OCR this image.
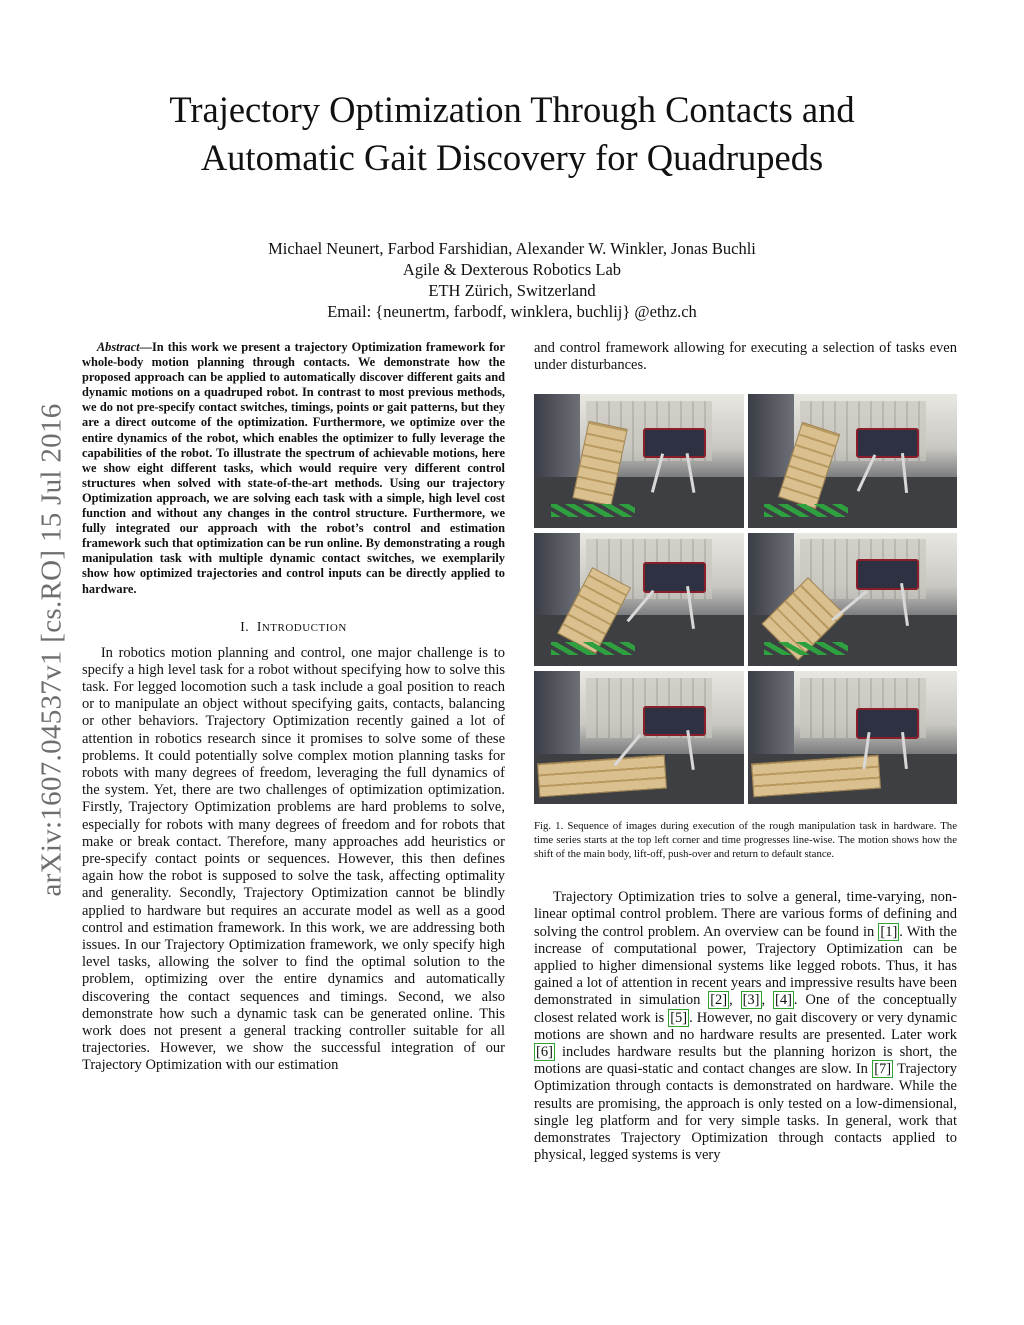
Trajectory Optimization Through Contacts and
Automatic Gait Discovery for Quadrupeds
Michael Neunert, Farbod Farshidian, Alexander W. Winkler, Jonas Buchli
Agile & Dexterous Robotics Lab
ETH Zürich, Switzerland
Email: {neunertm, farbodf, winklera, buchlij} @ethz.ch
arXiv:1607.04537v1 [cs.RO] 15 Jul 2016

Abstract—In this work we present a trajectory Optimization framework for whole-body motion planning through contacts. We demonstrate how the proposed approach can be applied to automatically discover different gaits and dynamic motions on a quadruped robot. In contrast to most previous methods, we do not pre-specify contact switches, timings, points or gait patterns, but they are a direct outcome of the optimization. Furthermore, we optimize over the entire dynamics of the robot, which enables the optimizer to fully leverage the capabilities of the robot. To illustrate the spectrum of achievable motions, here we show eight different tasks, which would require very different control structures when solved with state-of-the-art methods. Using our trajectory Optimization approach, we are solving each task with a simple, high level cost function and without any changes in the control structure. Furthermore, we fully integrated our approach with the robot’s control and estimation framework such that optimization can be run online. By demonstrating a rough manipulation task with multiple dynamic contact switches, we exemplarily show how optimized trajectories and control inputs can be directly applied to hardware.

I. INTRODUCTION

In robotics motion planning and control, one major challenge is to specify a high level task for a robot without specifying how to solve this task. For legged locomotion such a task include a goal position to reach or to manipulate an object without specifying gaits, contacts, balancing or other behaviors. Trajectory Optimization recently gained a lot of attention in robotics research since it promises to solve some of these problems. It could potentially solve complex motion planning tasks for robots with many degrees of freedom, leveraging the full dynamics of the system. Yet, there are two challenges of optimization optimization. Firstly, Trajectory Optimization problems are hard problems to solve, especially for robots with many degrees of freedom and for robots that make or break contact. Therefore, many approaches add heuristics or pre-specify contact points or sequences. However, this then defines again how the robot is supposed to solve the task, affecting optimality and generality. Secondly, Trajectory Optimization cannot be blindly applied to hardware but requires an accurate model as well as a good control and estimation framework. In this work, we are addressing both issues. In our Trajectory Optimization framework, we only specify high level tasks, allowing the solver to find the optimal solution to the problem, optimizing over the entire dynamics and automatically discovering the contact sequences and timings. Second, we also demonstrate how such a dynamic task can be generated online. This work does not present a general tracking controller suitable for all trajectories. However, we show the successful integration of our Trajectory Optimization with our estimation

and control framework allowing for executing a selection of tasks even under disturbances.

Fig. 1. Sequence of images during execution of the rough manipulation task in hardware. The time series starts at the top left corner and time progresses line-wise. The motion shows how the shift of the main body, lift-off, push-over and return to default stance.

Trajectory Optimization tries to solve a general, time-varying, non-linear optimal control problem. There are various forms of defining and solving the control problem. An overview can be found in [1] . With the increase of computational power, Trajectory Optimization can be applied to higher dimensional systems like legged robots. Thus, it has gained a lot of attention in recent years and impressive results have been demonstrated in simulation [2] , [3] , [4] . One of the conceptually closest related work is [5] . However, no gait discovery or very dynamic motions are shown and no hardware results are presented. Later work [6] includes hardware results but the planning horizon is short, the motions are quasi-static and contact changes are slow. In [7] Trajectory Optimization through contacts is demonstrated on hardware. While the results are promising, the approach is only tested on a low-dimensional, single leg platform and for very simple tasks. In general, work that demonstrates Trajectory Optimization through contacts applied to physical, legged systems is very
